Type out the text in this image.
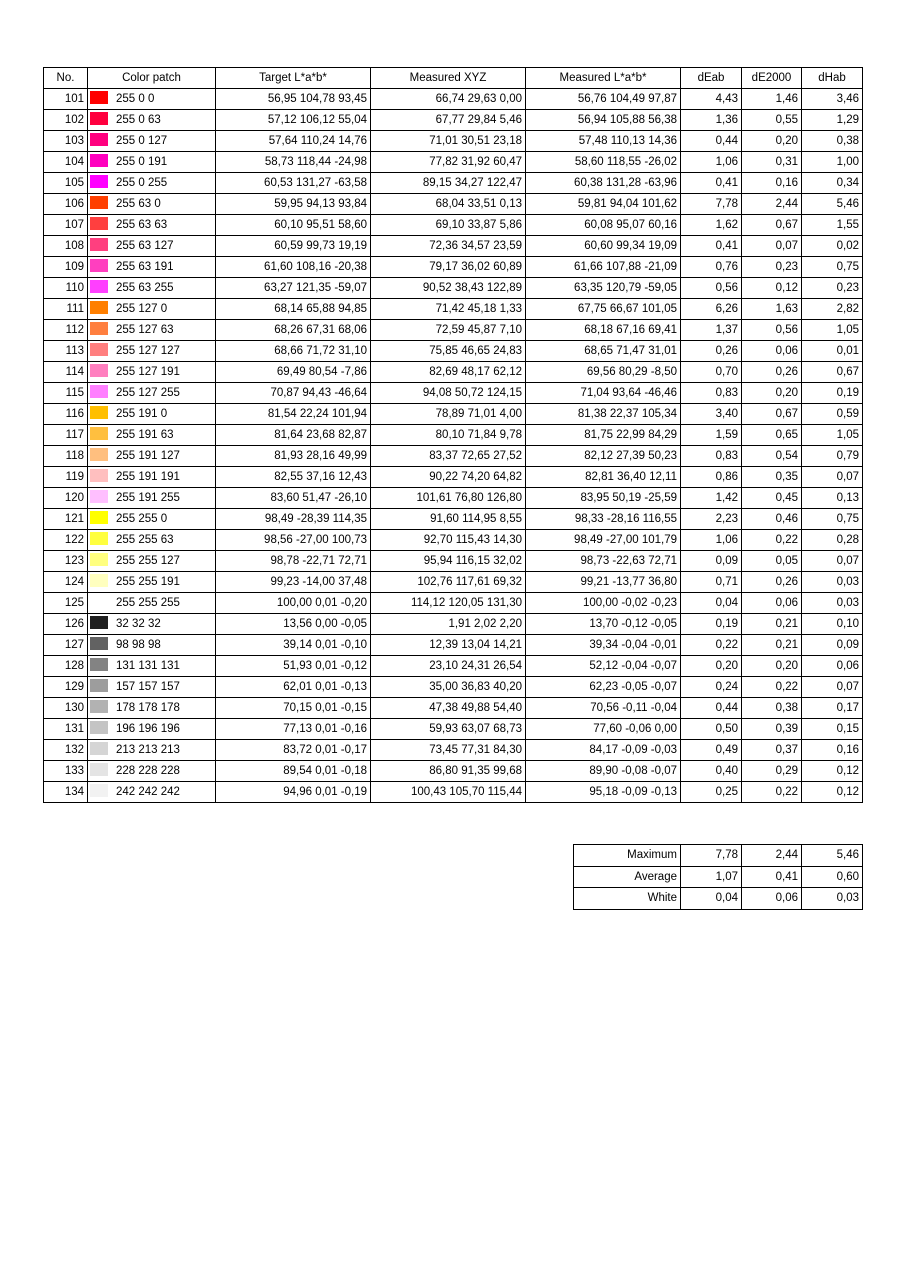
No.	Color patch	Target L*a*b*	Measured XYZ	Measured L*a*b*	dEab	dE2000	dHab
101	255 0 0	56,95 104,78 93,45	66,74 29,63 0,00	56,76 104,49 97,87	4,43	1,46	3,46
102	255 0 63	57,12 106,12 55,04	67,77 29,84 5,46	56,94 105,88 56,38	1,36	0,55	1,29
103	255 0 127	57,64 110,24 14,76	71,01 30,51 23,18	57,48 110,13 14,36	0,44	0,20	0,38
104	255 0 191	58,73 118,44 -24,98	77,82 31,92 60,47	58,60 118,55 -26,02	1,06	0,31	1,00
105	255 0 255	60,53 131,27 -63,58	89,15 34,27 122,47	60,38 131,28 -63,96	0,41	0,16	0,34
106	255 63 0	59,95 94,13 93,84	68,04 33,51 0,13	59,81 94,04 101,62	7,78	2,44	5,46
107	255 63 63	60,10 95,51 58,60	69,10 33,87 5,86	60,08 95,07 60,16	1,62	0,67	1,55
108	255 63 127	60,59 99,73 19,19	72,36 34,57 23,59	60,60 99,34 19,09	0,41	0,07	0,02
109	255 63 191	61,60 108,16 -20,38	79,17 36,02 60,89	61,66 107,88 -21,09	0,76	0,23	0,75
110	255 63 255	63,27 121,35 -59,07	90,52 38,43 122,89	63,35 120,79 -59,05	0,56	0,12	0,23
111	255 127 0	68,14 65,88 94,85	71,42 45,18 1,33	67,75 66,67 101,05	6,26	1,63	2,82
112	255 127 63	68,26 67,31 68,06	72,59 45,87 7,10	68,18 67,16 69,41	1,37	0,56	1,05
113	255 127 127	68,66 71,72 31,10	75,85 46,65 24,83	68,65 71,47 31,01	0,26	0,06	0,01
114	255 127 191	69,49 80,54 -7,86	82,69 48,17 62,12	69,56 80,29 -8,50	0,70	0,26	0,67
115	255 127 255	70,87 94,43 -46,64	94,08 50,72 124,15	71,04 93,64 -46,46	0,83	0,20	0,19
116	255 191 0	81,54 22,24 101,94	78,89 71,01 4,00	81,38 22,37 105,34	3,40	0,67	0,59
117	255 191 63	81,64 23,68 82,87	80,10 71,84 9,78	81,75 22,99 84,29	1,59	0,65	1,05
118	255 191 127	81,93 28,16 49,99	83,37 72,65 27,52	82,12 27,39 50,23	0,83	0,54	0,79
119	255 191 191	82,55 37,16 12,43	90,22 74,20 64,82	82,81 36,40 12,11	0,86	0,35	0,07
120	255 191 255	83,60 51,47 -26,10	101,61 76,80 126,80	83,95 50,19 -25,59	1,42	0,45	0,13
121	255 255 0	98,49 -28,39 114,35	91,60 114,95 8,55	98,33 -28,16 116,55	2,23	0,46	0,75
122	255 255 63	98,56 -27,00 100,73	92,70 115,43 14,30	98,49 -27,00 101,79	1,06	0,22	0,28
123	255 255 127	98,78 -22,71 72,71	95,94 116,15 32,02	98,73 -22,63 72,71	0,09	0,05	0,07
124	255 255 191	99,23 -14,00 37,48	102,76 117,61 69,32	99,21 -13,77 36,80	0,71	0,26	0,03
125	255 255 255	100,00 0,01 -0,20	114,12 120,05 131,30	100,00 -0,02 -0,23	0,04	0,06	0,03
126	32 32 32	13,56 0,00 -0,05	1,91 2,02 2,20	13,70 -0,12 -0,05	0,19	0,21	0,10
127	98 98 98	39,14 0,01 -0,10	12,39 13,04 14,21	39,34 -0,04 -0,01	0,22	0,21	0,09
128	131 131 131	51,93 0,01 -0,12	23,10 24,31 26,54	52,12 -0,04 -0,07	0,20	0,20	0,06
129	157 157 157	62,01 0,01 -0,13	35,00 36,83 40,20	62,23 -0,05 -0,07	0,24	0,22	0,07
130	178 178 178	70,15 0,01 -0,15	47,38 49,88 54,40	70,56 -0,11 -0,04	0,44	0,38	0,17
131	196 196 196	77,13 0,01 -0,16	59,93 63,07 68,73	77,60 -0,06 0,00	0,50	0,39	0,15
132	213 213 213	83,72 0,01 -0,17	73,45 77,31 84,30	84,17 -0,09 -0,03	0,49	0,37	0,16
133	228 228 228	89,54 0,01 -0,18	86,80 91,35 99,68	89,90 -0,08 -0,07	0,40	0,29	0,12
134	242 242 242	94,96 0,01 -0,19	100,43 105,70 115,44	95,18 -0,09 -0,13	0,25	0,22	0,12
Maximum	7,78	2,44	5,46
Average	1,07	0,41	0,60
White	0,04	0,06	0,03
